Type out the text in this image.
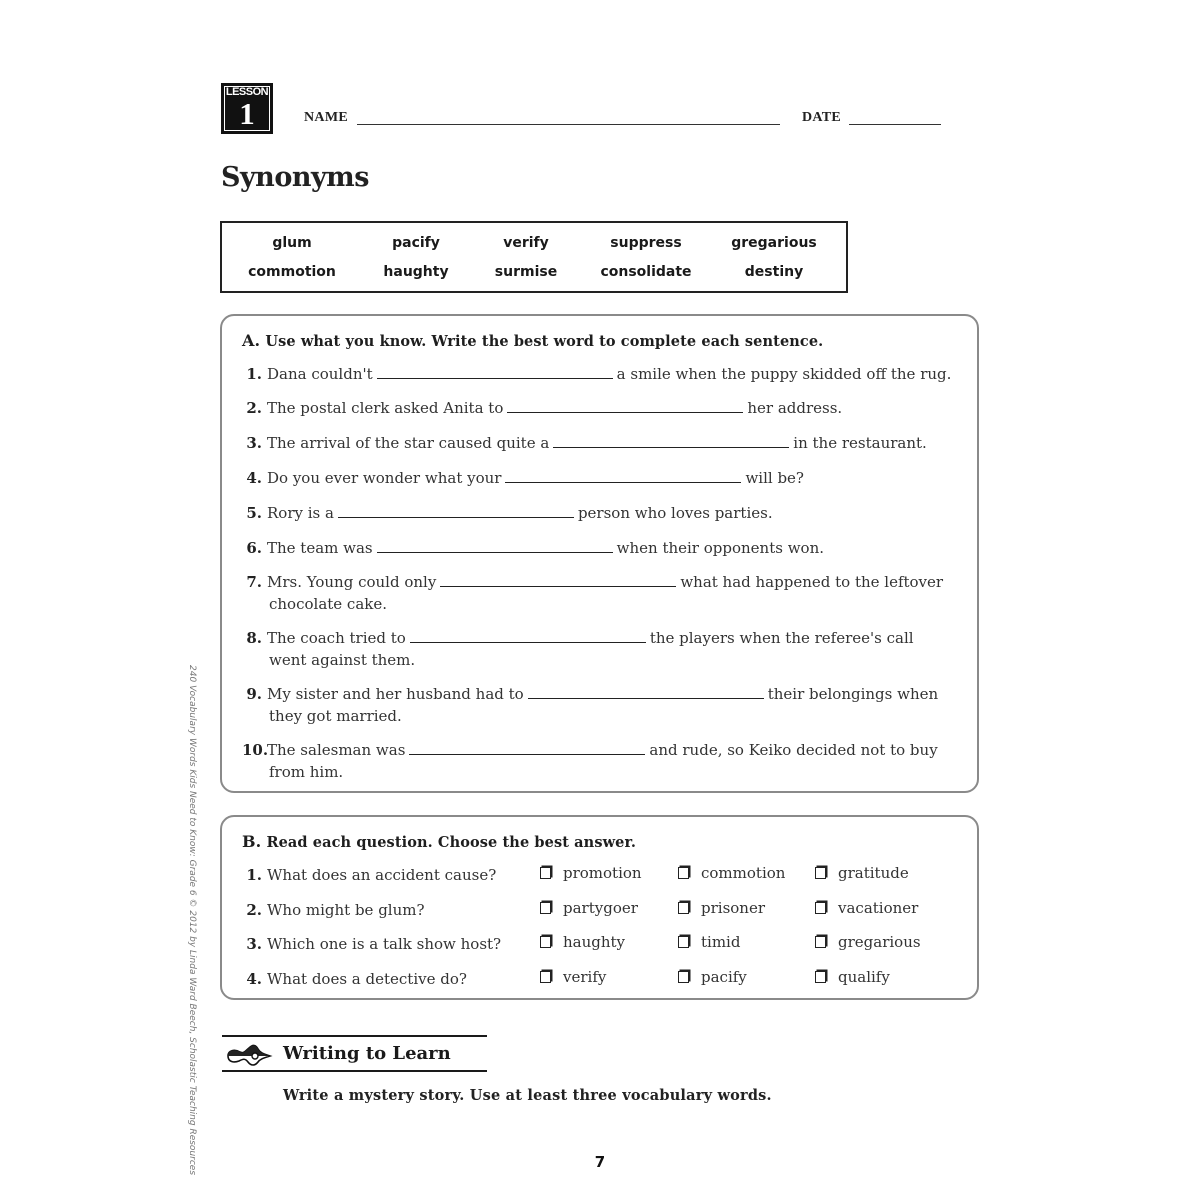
LESSON
1	NAME	DATE
Synonyms
glum	pacify	verify	suppress	gregarious
commotion	haughty	surmise	consolidate	destiny
A. Use what you know. Write the best word to complete each sentence.
1. Dana couldn't	a smile when the puppy skidded off the rug.
2. The postal clerk asked Anita to	her address.
3. The arrival of the star caused quite a	in the restaurant.
4. Do you ever wonder what your	will be?
5. Rory is a	person who loves parties.
6. The team was	when their opponents won.
7. Mrs. Young could only	what had happened to the leftover
chocolate cake.
8. The coach tried to	the players when the referee's call
went against them.
9. My sister and her husband had to	their belongings when
they got married.
10.The salesman was	and rude, so Keiko decided not to buy
from him.
B. Read each question. Choose the best answer.
1. What does an accident cause?	promotion	commotion	gratitude
2. Who might be glum?	partygoer	prisoner	vacationer
3. Which one is a talk show host?	haughty	timid	gregarious
4. What does a detective do?	verify	pacify	qualify
Writing to Learn
Write a mystery story. Use at least three vocabulary words.
240 Vocabulary Words Kids Need to Know: Grade 6 © 2012 by Linda Ward Beech, Scholastic Teaching Resources	7
